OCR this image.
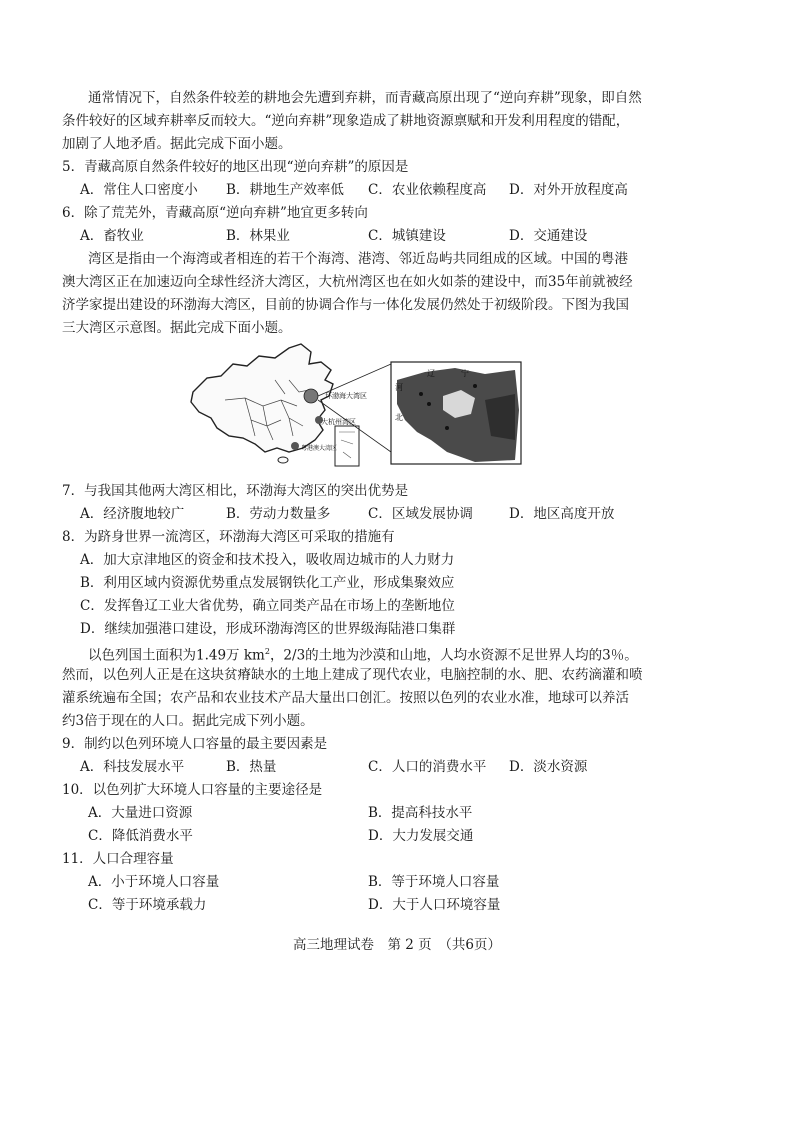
通常情况下，自然条件较差的耕地会先遭到弃耕，而青藏高原出现了“逆向弃耕”现象，即自然
条件较好的区域弃耕率反而较大。“逆向弃耕”现象造成了耕地资源禀赋和开发利用程度的错配，
加剧了人地矛盾。据此完成下面小题。
5．青藏高原自然条件较好的地区出现“逆向弃耕”的原因是
A．常住人口密度小 B．耕地生产效率低 C．农业依赖程度高 D．对外开放程度高
6．除了荒芜外，青藏高原“逆向弃耕”地宜更多转向
A．畜牧业	B．林果业	C．城镇建设	D．交通建设
湾区是指由一个海湾或者相连的若干个海湾、港湾、邻近岛屿共同组成的区域。中国的粤港
澳大湾区正在加速迈向全球性经济大湾区，大杭州湾区也在如火如荼的建设中，而35年前就被经
济学家提出建设的环渤海大湾区，目前的协调合作与一体化发展仍然处于初级阶段。下图为我国
三大湾区示意图。据此完成下面小题。
环渤海大湾区
大杭州湾区
粤港澳大湾区
辽	宁
河
北
山
东
7．与我国其他两大湾区相比，环渤海大湾区的突出优势是
A．经济腹地较广	B．劳动力数量多	C．区域发展协调	D．地区高度开放
8．为跻身世界一流湾区，环渤海大湾区可采取的措施有
A．加大京津地区的资金和技术投入，吸收周边城市的人力财力
B．利用区域内资源优势重点发展钢铁化工产业，形成集聚效应
C．发挥鲁辽工业大省优势，确立同类产品在市场上的垄断地位
D．继续加强港口建设，形成环渤海湾区的世界级海陆港口集群
以色列国土面积为1.49万 $km^2$，2/3的土地为沙漠和山地，人均水资源不足世界人均的3％。
然而，以色列人正是在这块贫瘠缺水的土地上建成了现代农业，电脑控制的水、肥、农药滴灌和喷
灌系统遍布全国；农产品和农业技术产品大量出口创汇。按照以色列的农业水准，地球可以养活
约3倍于现在的人口。据此完成下列小题。
9．制约以色列环境人口容量的最主要因素是
A．科技发展水平	B．热量	C．人口的消费水平 D．淡水资源
10．以色列扩大环境人口容量的主要途径是
A．大量进口资源	B．提高科技水平
C．降低消费水平	D．大力发展交通
11．人口合理容量
A．小于环境人口容量	B．等于环境人口容量
C．等于环境承载力	D．大于人口环境容量
高三地理试卷　第 2 页　（共6页）
